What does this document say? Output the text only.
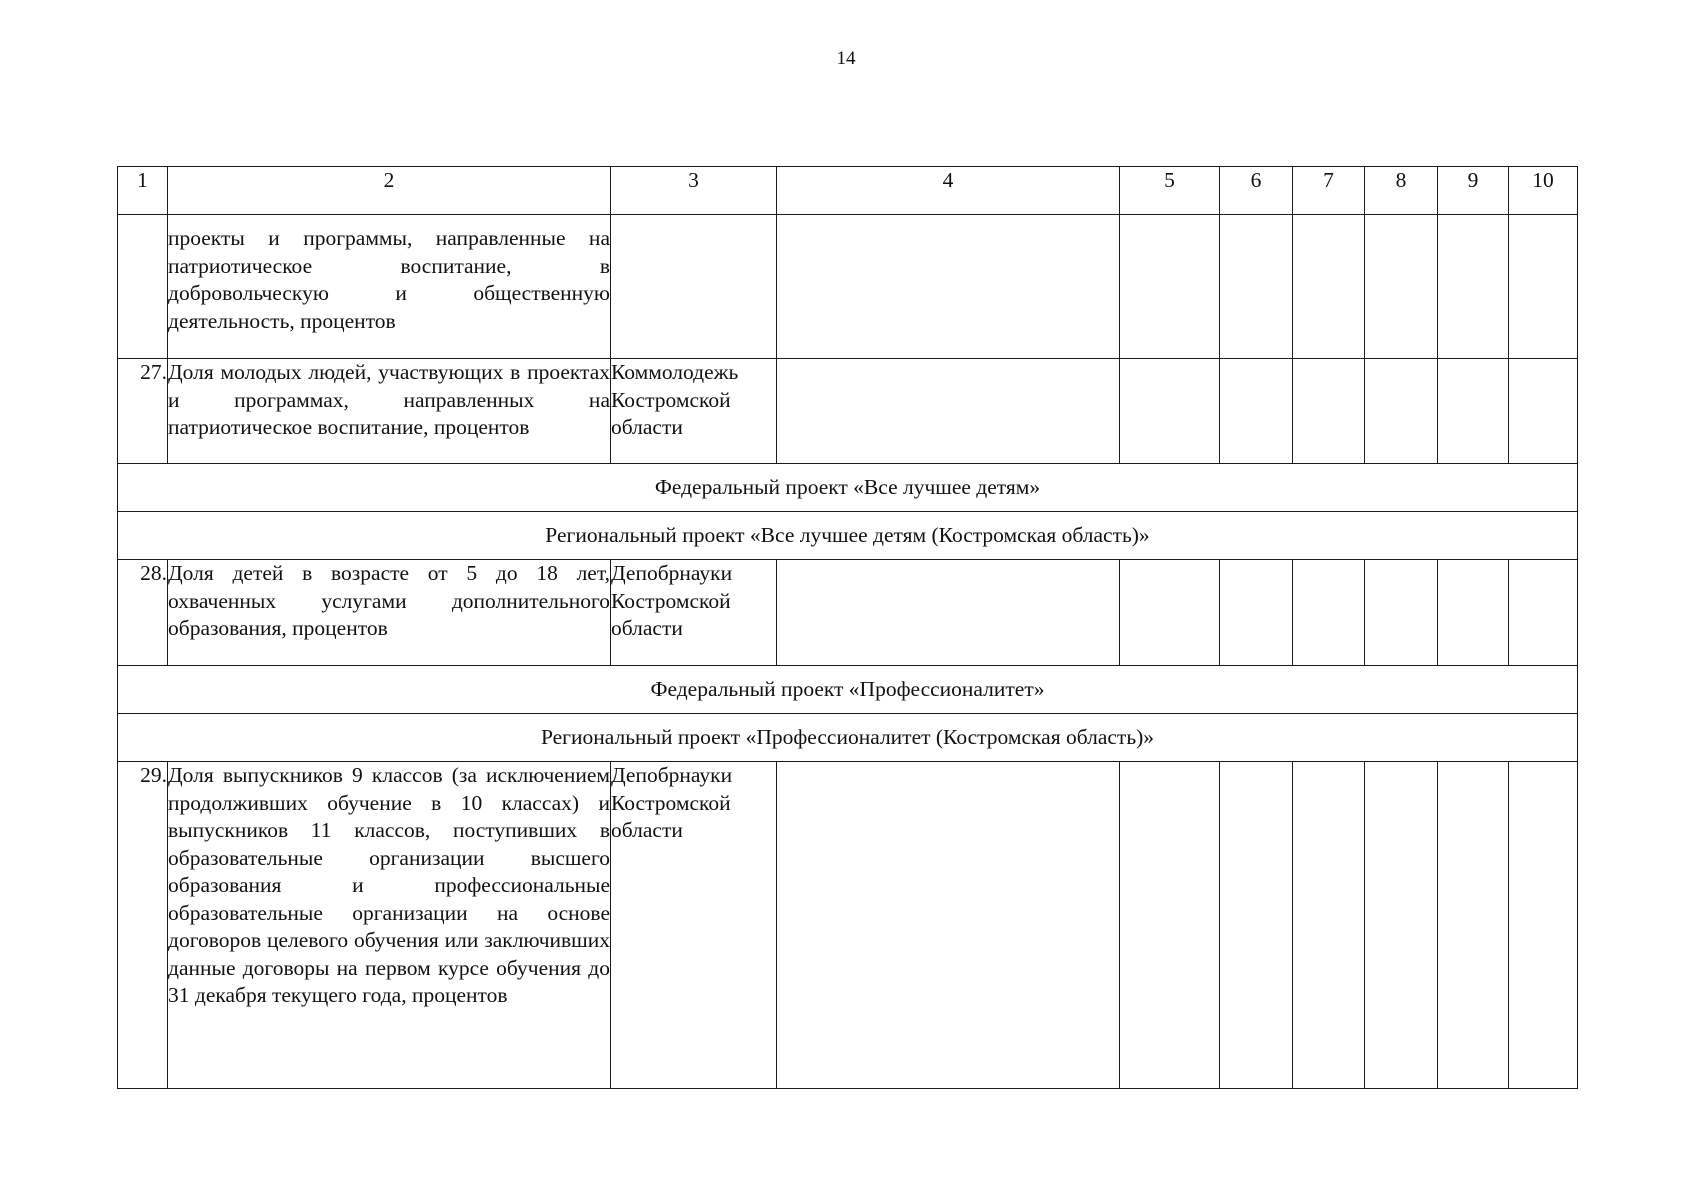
14
1	2	3	4	5	6	7	8	9	10
	проекты и программы, направленные на патриотическое воспитание, в добровольческую и общественную деятельность, процентов								
27.	Доля молодых людей, участвующих в проектах и программах, направленных на патриотическое воспитание, процентов	Коммолодежь Костромской области							
Федеральный проект «Все лучшее детям»									
Региональный проект «Все лучшее детям (Костромская область)»									
28.	Доля детей в возрасте от 5 до 18 лет, охваченных услугами дополнительного образования, процентов	Депобрнауки Костромской области							
Федеральный проект «Профессионалитет»									
Региональный проект «Профессионалитет (Костромская область)»									
29.	Доля выпускников 9 классов (за исключением продолживших обучение в 10 классах) и выпускников 11 классов, поступивших в образовательные организации высшего образования и профессиональные образовательные организации на основе договоров целевого обучения или заключивших данные договоры на первом курсе обучения до 31 декабря текущего года, процентов	Депобрнауки Костромской области							
